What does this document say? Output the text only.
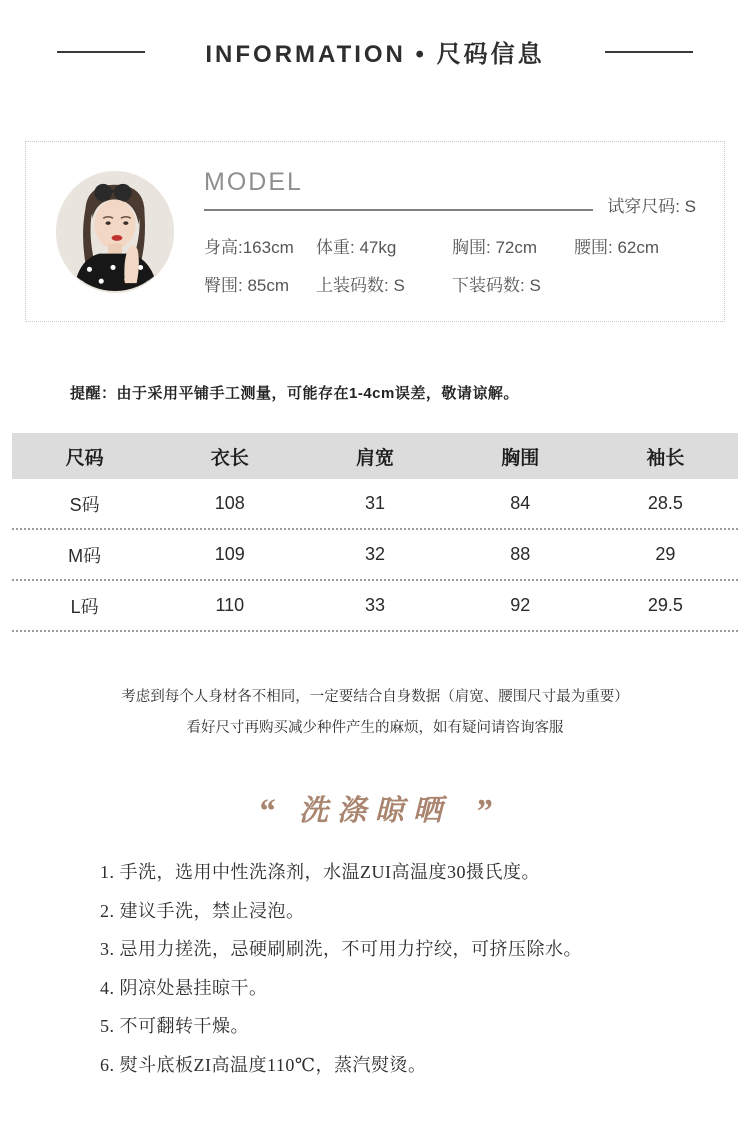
INFORMATION • 尺码信息
MODEL
试穿尺码: S
身高:163cm	体重: 47kg	胸围: 72cm	腰围: 62cm
臀围: 85cm	上装码数: S	下装码数: S
提醒：由于采用平铺手工测量，可能存在1-4cm误差，敬请谅解。
尺码	衣长	肩宽	胸围	袖长
S码	108	31	84	28.5
M码	109	32	88	29
L码	110	33	92	29.5
考虑到每个人身材各不相同，一定要结合自身数据（肩宽、腰围尺寸最为重要）
看好尺寸再购买减少种件产生的麻烦，如有疑问请咨询客服
“ 洗涤晾晒 ”
1. 手洗，选用中性洗涤剂，水温ZUI高温度30摄氏度。
2. 建议手洗，禁止浸泡。
3. 忌用力搓洗，忌硬刷刷洗，不可用力拧绞，可挤压除水。
4. 阴凉处悬挂晾干。
5. 不可翻转干燥。
6. 熨斗底板ZI高温度110℃，蒸汽熨烫。
